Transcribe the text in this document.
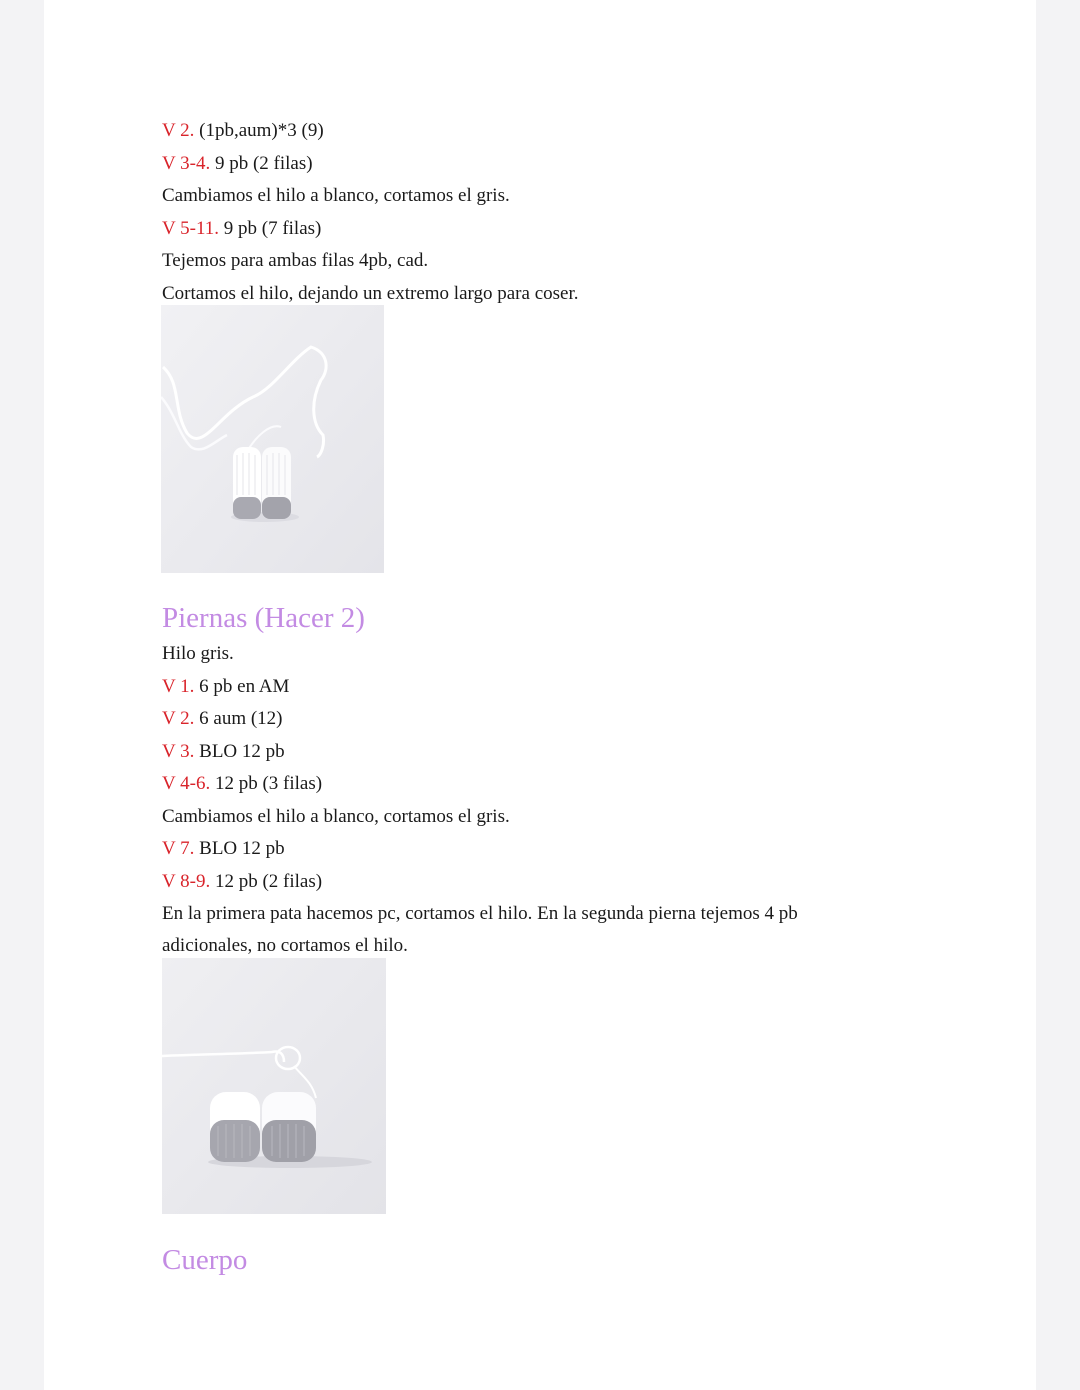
V 2. (1pb,aum)*3 (9)
V 3-4. 9 pb (2 filas)
Cambiamos el hilo a blanco, cortamos el gris.
V 5-11. 9 pb (7 filas)
Tejemos para ambas filas 4pb, cad.
Cortamos el hilo, dejando un extremo largo para coser.
Piernas (Hacer 2)
Hilo gris.
V 1. 6 pb en AM
V 2. 6 aum (12)
V 3. BLO 12 pb
V 4-6. 12 pb (3 filas)
Cambiamos el hilo a blanco, cortamos el gris.
V 7. BLO 12 pb
V 8-9. 12 pb (2 filas)
En la primera pata hacemos pc, cortamos el hilo. En la segunda pierna tejemos 4 pb
adicionales, no cortamos el hilo.
Cuerpo
